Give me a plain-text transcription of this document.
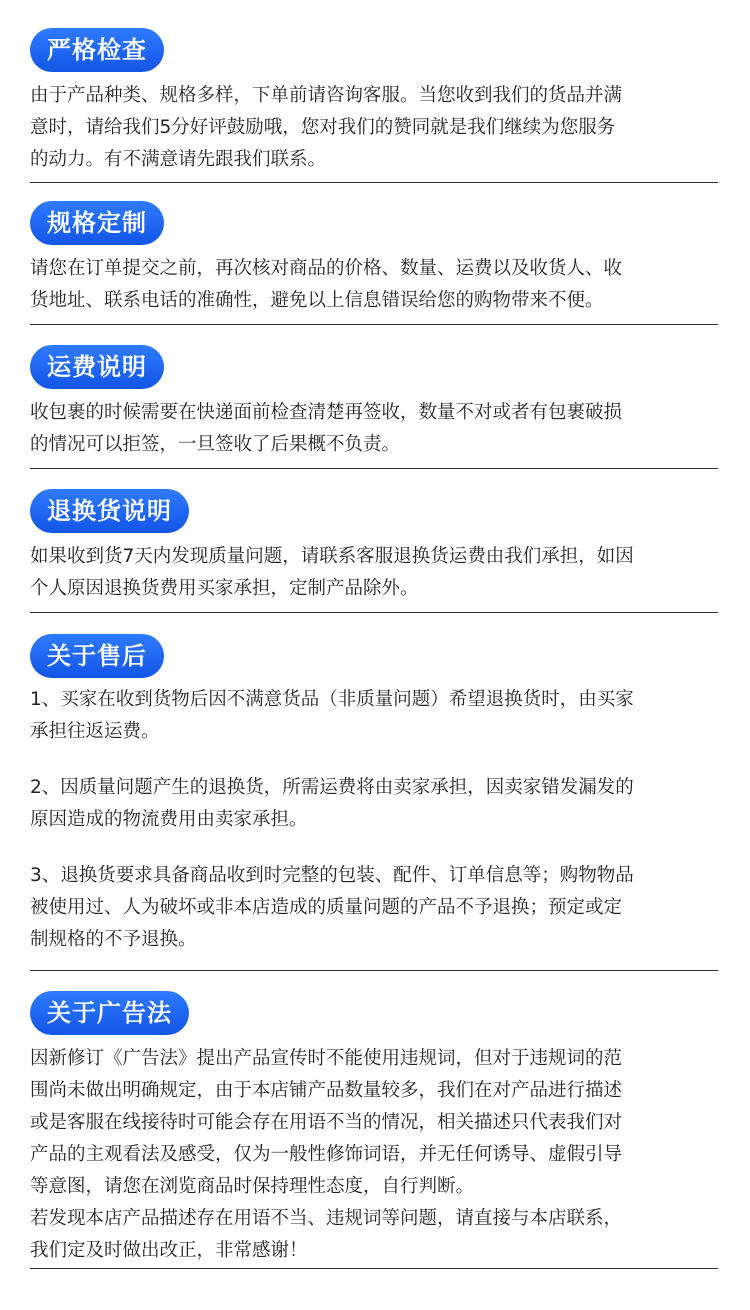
严格检查

由于产品种类、规格多样，下单前请咨询客服。当您收到我们的货品并满

意时，请给我们5分好评鼓励哦，您对我们的赞同就是我们继续为您服务

的动力。有不满意请先跟我们联系。

规格定制

请您在订单提交之前，再次核对商品的价格、数量、运费以及收货人、收

货地址、联系电话的准确性，避免以上信息错误给您的购物带来不便。

运费说明

收包裹的时候需要在快递面前检查清楚再签收，数量不对或者有包裹破损

的情况可以拒签，一旦签收了后果概不负责。

退换货说明

如果收到货7天内发现质量问题，请联系客服退换货运费由我们承担，如因

个人原因退换货费用买家承担，定制产品除外。

关于售后

1、买家在收到货物后因不满意货品（非质量问题）希望退换货时，由买家

承担往返运费。

2、因质量问题产生的退换货，所需运费将由卖家承担，因卖家错发漏发的

原因造成的物流费用由卖家承担。

3、退换货要求具备商品收到时完整的包装、配件、订单信息等；购物物品

被使用过、人为破坏或非本店造成的质量问题的产品不予退换；预定或定

制规格的不予退换。

关于广告法

因新修订《广告法》提出产品宣传时不能使用违规词，但对于违规词的范

围尚未做出明确规定，由于本店铺产品数量较多，我们在对产品进行描述

或是客服在线接待时可能会存在用语不当的情况，相关描述只代表我们对

产品的主观看法及感受，仅为一般性修饰词语，并无任何诱导、虚假引导

等意图，请您在浏览商品时保持理性态度，自行判断。

若发现本店产品描述存在用语不当、违规词等问题，请直接与本店联系，

我们定及时做出改正，非常感谢！
